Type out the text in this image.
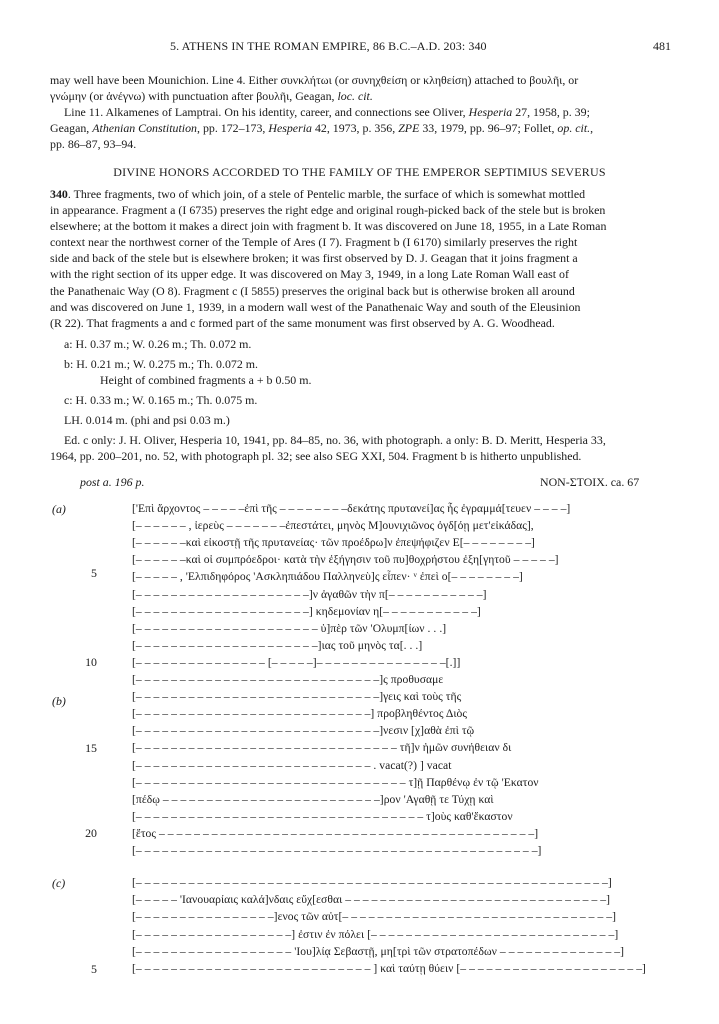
5. ATHENS IN THE ROMAN EMPIRE, 86 B.C.–A.D. 203: 340	481
may well have been Mounichion. Line 4. Either συνκλήτωι (or συνηχθείση or κληθείση) attached to βουλῆι, or
γνώμην (or ἀνέγνω) with punctuation after βουλῆι, Geagan, loc. cit.
Line 11. Alkamenes of Lamptrai. On his identity, career, and connections see Oliver, Hesperia 27, 1958, p. 39;
Geagan, Athenian Constitution, pp. 172–173, Hesperia 42, 1973, p. 356, ZPE 33, 1979, pp. 96–97; Follet, op. cit.,
pp. 86–87, 93–94.
DIVINE HONORS ACCORDED TO THE FAMILY OF THE EMPEROR SEPTIMIUS SEVERUS
340. Three fragments, two of which join, of a stele of Pentelic marble, the surface of which is somewhat mottled
in appearance. Fragment a (I 6735) preserves the right edge and original rough-picked back of the stele but is broken
elsewhere; at the bottom it makes a direct join with fragment b. It was discovered on June 18, 1955, in a Late Roman
context near the northwest corner of the Temple of Ares (I 7). Fragment b (I 6170) similarly preserves the right
side and back of the stele but is elsewhere broken; it was first observed by D. J. Geagan that it joins fragment a
with the right section of its upper edge. It was discovered on May 3, 1949, in a long Late Roman Wall east of
the Panathenaic Way (O 8). Fragment c (I 5855) preserves the original back but is otherwise broken all around
and was discovered on June 1, 1939, in a modern wall west of the Panathenaic Way and south of the Eleusinion
(R 22). That fragments a and c formed part of the same monument was first observed by A. G. Woodhead.
a: H. 0.37 m.; W. 0.26 m.; Th. 0.072 m.
b: H. 0.21 m.; W. 0.275 m.; Th. 0.072 m.
Height of combined fragments a + b 0.50 m.
c: H. 0.33 m.; W. 0.165 m.; Th. 0.075 m.
LH. 0.014 m. (phi and psi 0.03 m.)
Ed. c only: J. H. Oliver, Hesperia 10, 1941, pp. 84–85, no. 36, with photograph. a only: B. D. Meritt, Hesperia 33,
1964, pp. 200–201, no. 52, with photograph pl. 32; see also SEG XXI, 504. Fragment b is hitherto unpublished.
post a. 196 p.	NON-ΣΤΟΙΧ. ca. 67
(a)
(b)
(c)
5
10
15
20
5
['Επὶ ἄρχοντος – – – – –ἐπὶ τῆς – – – – – – – –δεκάτης πρυτανεί]ας ἧς ἐγραμμά[τευεν – – – –]
[– – – – – – , ἱερεὺς – – – – – – –ἐπεστάτει, μηνὸς Μ]ουνιχιῶνος ὀγδ[όῃ μετ'εἰκάδας],
[– – – – – –καὶ εἰκοστῇ τῆς πρυτανείας· τῶν προέδρω]ν ἐπεψήφιζεν Ε[– – – – – – – –]
[– – – – – –καὶ οἱ συμπρόεδροι· κατὰ τὴν ἐξήγησιν τοῦ πυ]θοχρήστου ἐξη[γητοῦ – – – – –]
[– – – – – , 'Ελπιδηφόρος 'Ασκληπιάδου Παλληνεὺ]ς εἶπεν· ᵛ ἐπεὶ ο[– – – – – – – –]
[– – – – – – – – – – – – – – – – – – – –]ν ἀγαθῶν τὴν π[– – – – – – – – – – –]
[– – – – – – – – – – – – – – – – – – – –] κηδεμονίαν η[– – – – – – – – – – –]
[– – – – – – – – – – – – – – – – – – – – – ὑ]πὲρ τῶν 'Ολυμπ[ίων . . .]
[– – – – – – – – – – – – – – – – – – – – –]ιας τοῦ μηνὸς τα[. . .]
[– – – – – – – – – – – – – – – [– – – – –]– – – – – – – – – – – – – – –[.]]
[– – – – – – – – – – – – – – – – – – – – – – – – – – – –]ς προθυσαμε
[– – – – – – – – – – – – – – – – – – – – – – – – – – – –]γεις καὶ τοὺς τῆς
[– – – – – – – – – – – – – – – – – – – – – – – – – – –] προβληθέντος Διὸς
[– – – – – – – – – – – – – – – – – – – – – – – – – – – –]νεσιν [χ]αθὰ ἐπὶ τῷ
[– – – – – – – – – – – – – – – – – – – – – – – – – – – – – – τῆ]ν ἡμῶν συνήθειαν δι
[– – – – – – – – – – – – – – – – – – – – – – – – – – – . vacat(?) ] vacat
[– – – – – – – – – – – – – – – – – – – – – – – – – – – – – – – τ]ῇ Παρθένῳ ἐν τῷ 'Εκατον
[πέδῳ – – – – – – – – – – – – – – – – – – – – – – – – –]ρον 'Αγαθῇ τε Τύχῃ καὶ
[– – – – – – – – – – – – – – – – – – – – – – – – – – – – – – – – – τ]οὺς καθ'ἕκαστον
[ἔτος – – – – – – – – – – – – – – – – – – – – – – – – – – – – – – – – – – – – – – – – – – –]
[– – – – – – – – – – – – – – – – – – – – – – – – – – – – – – – – – – – – – – – – – – – – – –]
[– – – – – – – – – – – – – – – – – – – – – – – – – – – – – – – – – – – – – – – – – – – – – – – – – – – – – –]
[– – – – – 'Ιανουαρίαις καλά]νδαις εὔχ[εσθαι – – – – – – – – – – – – – – – – – – – – – – – – – – – – – –]
[– – – – – – – – – – – – – – – –]ενος τῶν αὐτ[– – – – – – – – – – – – – – – – – – – – – – – – – – – – – – –]
[– – – – – – – – – – – – – – – – – –] ἐστιν ἐν πόλει [– – – – – – – – – – – – – – – – – – – – – – – – – – – –]
[– – – – – – – – – – – – – – – – – – 'Ιου]λίᾳ Σεβαστῇ, μη[τρὶ τῶν στρατοπέδων – – – – – – – – – – – – – –]
[– – – – – – – – – – – – – – – – – – – – – – – – – – – ] καὶ ταύτῃ θύειν [– – – – – – – – – – – – – – – – – – – – –]
